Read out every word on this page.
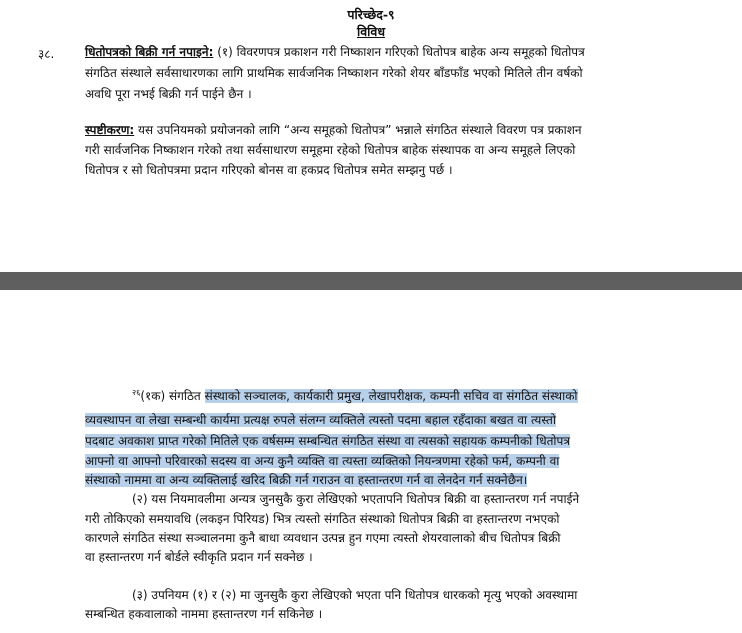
परिच्छेद-९
विविध
३८.	धितोपत्रको बिक्री गर्न नपाइने: (१) विवरणपत्र प्रकाशन गरी निष्काशन गरिएको धितोपत्र बाहेक अन्य समूहको धितोपत्र
संगठित संस्थाले सर्वसाधारणका लागि प्राथमिक सार्वजनिक निष्काशन गरेको शेयर बाँडफाँड भएको मितिले तीन वर्षको
अवधि पूरा नभई बिक्री गर्न पाईने छैन ।
स्पष्टीकरण: यस उपनियमको प्रयोजनको लागि “अन्य समूहको धितोपत्र” भन्नाले संगठित संस्थाले विवरण पत्र प्रकाशन
गरी सार्वजनिक निष्काशन गरेको तथा सर्वसाधारण समूहमा रहेको धितोपत्र बाहेक संस्थापक वा अन्य समूहले लिएको
धितोपत्र र सो धितोपत्रमा प्रदान गरिएको बोनस वा हकप्रद धितोपत्र समेत सम्झनु पर्छ ।
$^{२६}$(१क) संगठित संस्थाको सञ्चालक, कार्यकारी प्रमुख, लेखापरीक्षक, कम्पनी सचिव वा संगठित संस्थाको
व्यवस्थापन वा लेखा सम्बन्धी कार्यमा प्रत्यक्ष रुपले संलग्न व्यक्तिले त्यस्तो पदमा बहाल रहँदाका बखत वा त्यस्तो
पदबाट अवकाश प्राप्त गरेको मितिले एक वर्षसम्म सम्बन्धित संगठित संस्था वा त्यसको सहायक कम्पनीको धितोपत्र
आफ्नो वा आफ्नो परिवारको सदस्य वा अन्य कुनै व्यक्ति वा त्यस्ता व्यक्तिको नियन्त्रणमा रहेको फर्म, कम्पनी वा
संस्थाको नाममा वा अन्य व्यक्तिलाई खरिद बिक्री गर्न गराउन वा हस्तान्तरण गर्न वा लेनदेन गर्न सक्नेछैन।
(२) यस नियमावलीमा अन्यत्र जुनसुकै कुरा लेखिएको भएतापनि धितोपत्र बिक्री वा हस्तान्तरण गर्न नपाईने
गरी तोकिएको समयावधि (लकइन पिरियड) भित्र त्यस्तो संगठित संस्थाको धितोपत्र बिक्री वा हस्तान्तरण नभएको
कारणले संगठित संस्था सञ्चालनमा कुनै बाधा व्यवधान उत्पन्न हुन गएमा त्यस्तो शेयरवालाको बीच धितोपत्र बिक्री
वा हस्तान्तरण गर्न बोर्डले स्वीकृति प्रदान गर्न सक्नेछ ।
(३) उपनियम (१) र (२) मा जुनसुकै कुरा लेखिएको भएता पनि धितोपत्र धारकको मृत्यु भएको अवस्थामा
सम्बन्धित हकवालाको नाममा हस्तान्तरण गर्न सकिनेछ ।
